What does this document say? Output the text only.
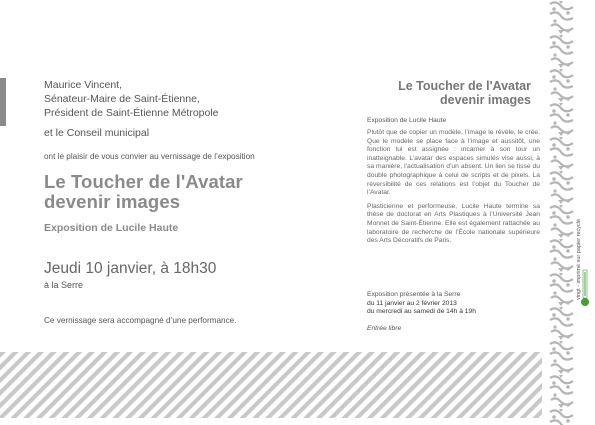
Maurice Vincent,
Sénateur-Maire de Saint-Étienne,
Président de Saint-Étienne Métropole
et le Conseil municipal
ont le plaisir de vous convier au vernissage de l’exposition
Le Toucher de l'Avatar
devenir images
Exposition de Lucile Haute
Jeudi 10 janvier, à 18h30
à la Serre
Ce vernissage sera accompagné d’une performance.
Le Toucher de l'Avatar
devenir images
Exposition de Lucile Haute

Plutôt que de copier un modèle, l’image le révèle, le crée. Que le modèle se place face à l’image et aussitôt, une fonction lui est assignée : incarner à son tour un inatteignable. L’avatar des espaces simulés vise aussi, à sa manière, l’actualisation d’un absent. Un lien se tisse du double photographique à celui de scripts et de pixels. La réversibilité de ces relations est l’objet du Toucher de l’Avatar.

Plasticienne et performeuse, Lucile Haute termine sa thèse de doctorat en Arts Plastiques à l’Université Jean Monnet de Saint-Étienne. Elle est également rattachée au laboratoire de recherche de l’École nationale supérieure des Arts Décoratifs de Paris.

Exposition présentée à la Serre
du 11 janvier au 2 février 2013
du mercredi au samedi de 14h à 19h
Entrée libre
vingt - imprimé sur papier recyclé
